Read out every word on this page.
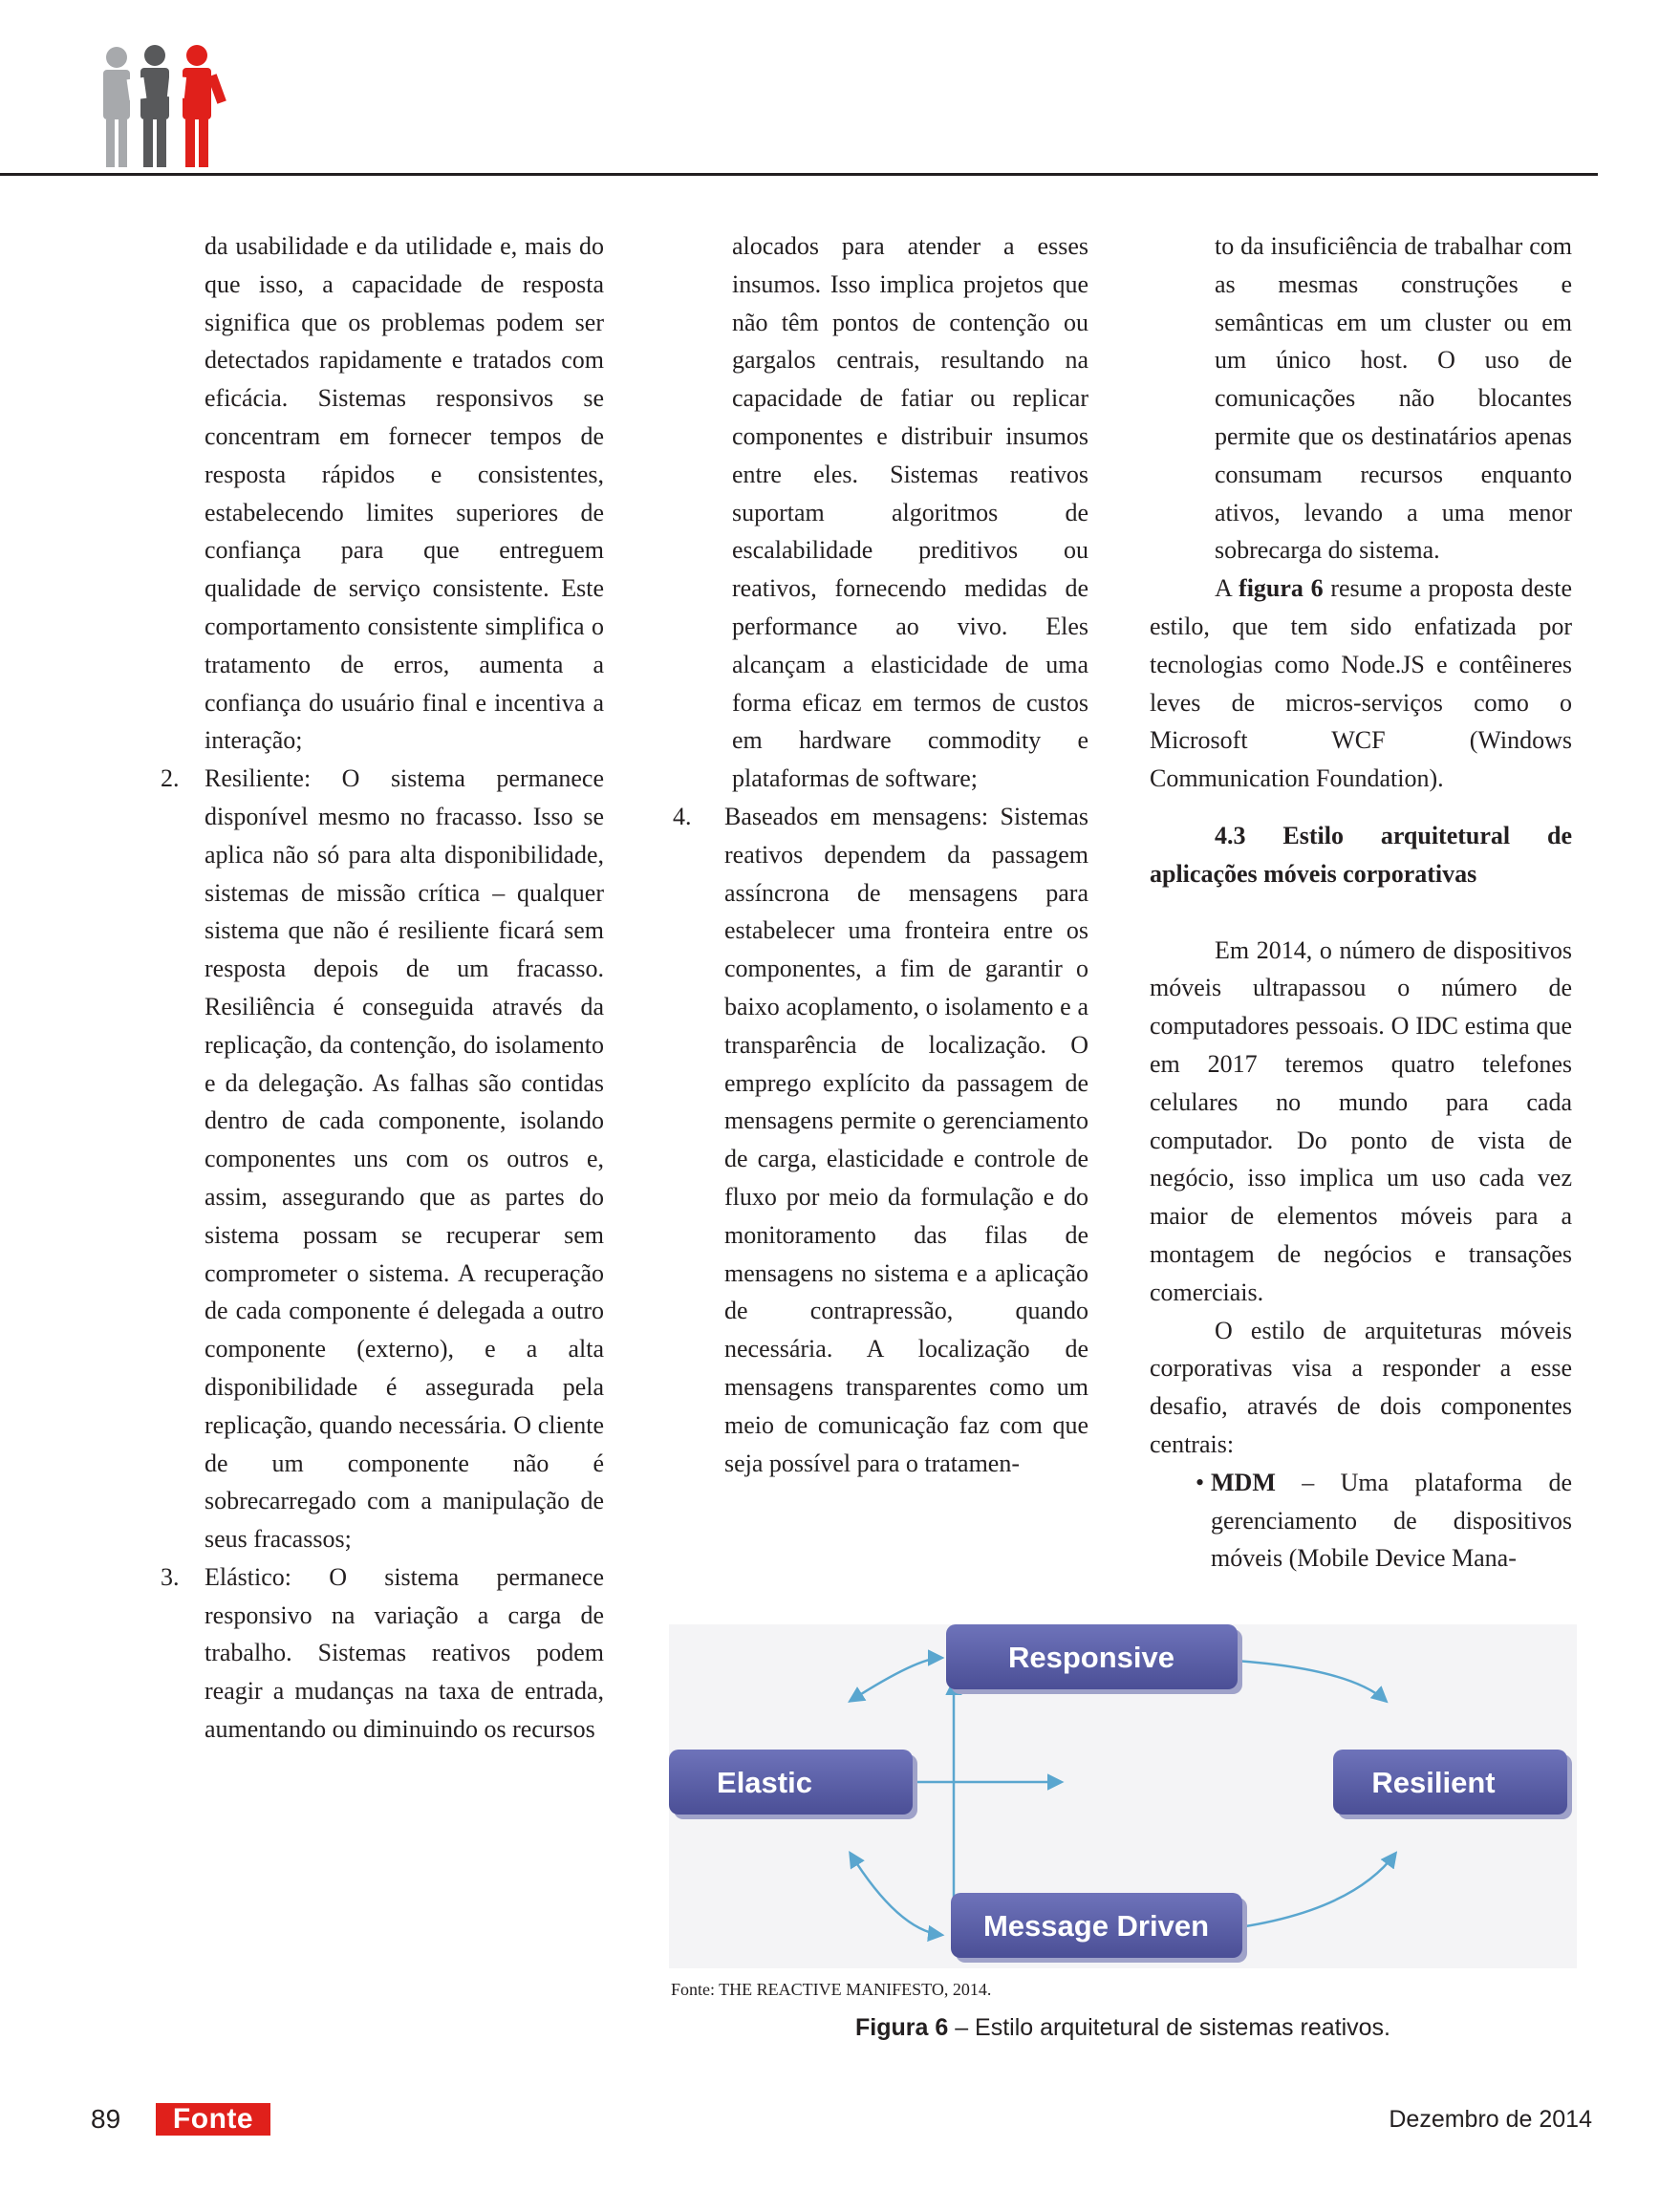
da usabilidade e da utilidade e, mais do que isso, a capacidade de resposta significa que os problemas podem ser detectados rapidamente e tratados com eficácia. Sistemas responsivos se concentram em fornecer tempos de resposta rápidos e consistentes, estabelecendo limites superiores de confiança para que entreguem qualidade de serviço consistente. Este comportamento consistente simplifica o tratamento de erros, aumenta a confiança do usuário final e incentiva a interação;

2. Resiliente: O sistema permanece disponível mesmo no fracasso. Isso se aplica não só para alta disponibilidade, sistemas de missão crítica – qualquer sistema que não é resiliente ficará sem resposta depois de um fracasso. Resiliência é conseguida através da replicação, da contenção, do isolamento e da delegação. As falhas são contidas dentro de cada componente, isolando componentes uns com os outros e, assim, assegurando que as partes do sistema possam se recuperar sem comprometer o sistema. A recuperação de cada componente é delegada a outro componente (externo), e a alta disponibilidade é assegurada pela replicação, quando necessária. O cliente de um componente não é sobrecarregado com a manipulação de seus fracassos;

3. Elástico: O sistema permanece responsivo na variação a carga de trabalho. Sistemas reativos podem reagir a mudanças na taxa de entrada, aumentando ou diminuindo os recursos

alocados para atender a esses insumos. Isso implica projetos que não têm pontos de contenção ou gargalos centrais, resultando na capacidade de fatiar ou replicar componentes e distribuir insumos entre eles. Sistemas reativos suportam algoritmos de escalabilidade preditivos ou reativos, fornecendo medidas de performance ao vivo. Eles alcançam a elasticidade de uma forma eficaz em termos de custos em hardware commodity e plataformas de software;

4. Baseados em mensagens: Sistemas reativos dependem da passagem assíncrona de mensagens para estabelecer uma fronteira entre os componentes, a fim de garantir o baixo acoplamento, o isolamento e a transparência de localização. O emprego explícito da passagem de mensagens permite o gerenciamento de carga, elasticidade e controle de fluxo por meio da formulação e do monitoramento das filas de mensagens no sistema e a aplicação de contrapressão, quando necessária. A localização de mensagens transparentes como um meio de comunicação faz com que seja possível para o tratamen-

to da insuficiência de trabalhar com as mesmas construções e semânticas em um cluster ou em um único host. O uso de comunicações não blocantes permite que os destinatários apenas consumam recursos enquanto ativos, levando a uma menor sobrecarga do sistema.

A figura 6 resume a proposta deste estilo, que tem sido enfatizada por tecnologias como Node.JS e contêineres leves de micros-serviços como o Microsoft WCF (Windows Communication Foundation).

4.3 Estilo arquitetural de aplicações móveis corporativas

Em 2014, o número de dispositivos móveis ultrapassou o número de computadores pessoais. O IDC estima que em 2017 teremos quatro telefones celulares no mundo para cada computador. Do ponto de vista de negócio, isso implica um uso cada vez maior de elementos móveis para a montagem de negócios e transações comerciais.

O estilo de arquiteturas móveis corporativas visa a responder a esse desafio, através de dois componentes centrais:

• MDM – Uma plataforma de gerenciamento de dispositivos móveis (Mobile Device Mana-

Responsive
Elastic	Resilient
Message Driven
Fonte: THE REACTIVE MANIFESTO, 2014.
Figura 6 – Estilo arquitetural de sistemas reativos.
89	Fonte	Dezembro de 2014
